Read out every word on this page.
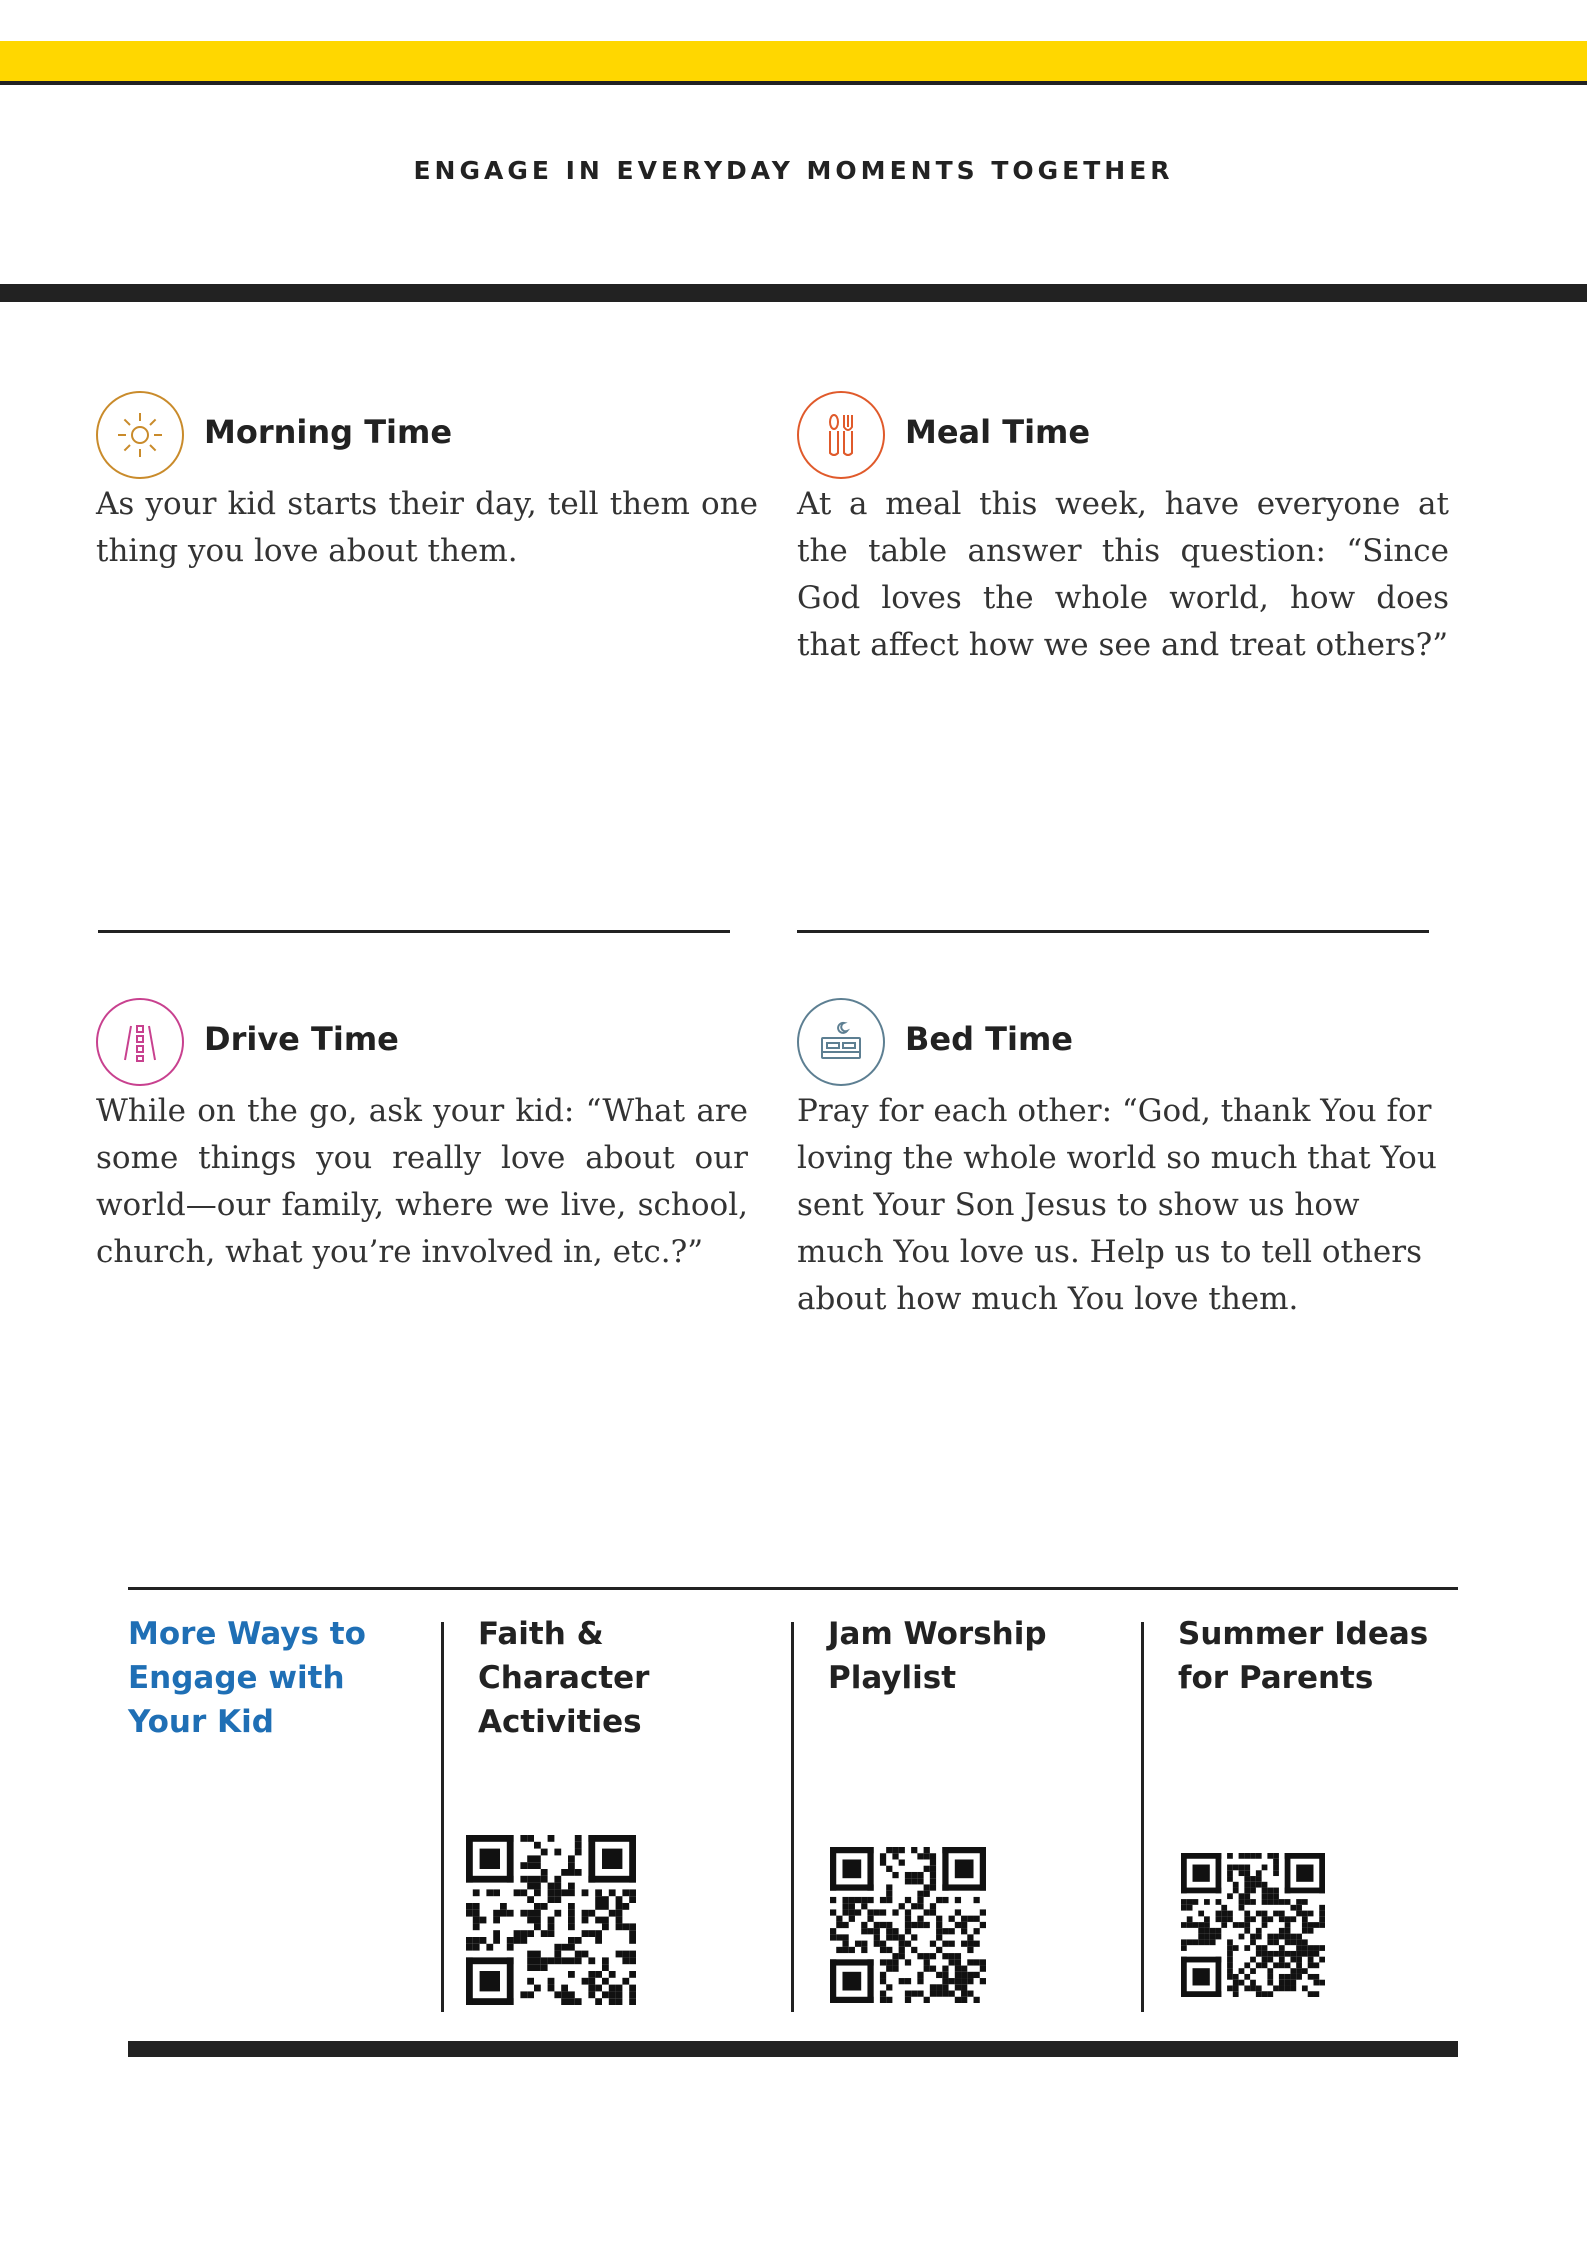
ENGAGE IN EVERYDAY MOMENTS TOGETHER
Morning Time

As your kid starts their day, tell them one thing you love about them.

Meal Time

At a meal this week, have everyone at the table answer this question: “Since God loves the whole world, how does that affect how we see and treat others?”

Drive Time

While on the go, ask your kid: “What are some things you really love about our world—our family, where we live, school, church, what you’re involved in, etc.?”

Bed Time

Pray for each other: “God, thank You for loving the whole world so much that You sent Your Son Jesus to show us how much You love us. Help us to tell others about how much You love them.

More Ways to Engage with Your Kid
Faith & Character Activities
Jam Worship Playlist
Summer Ideas for Parents
